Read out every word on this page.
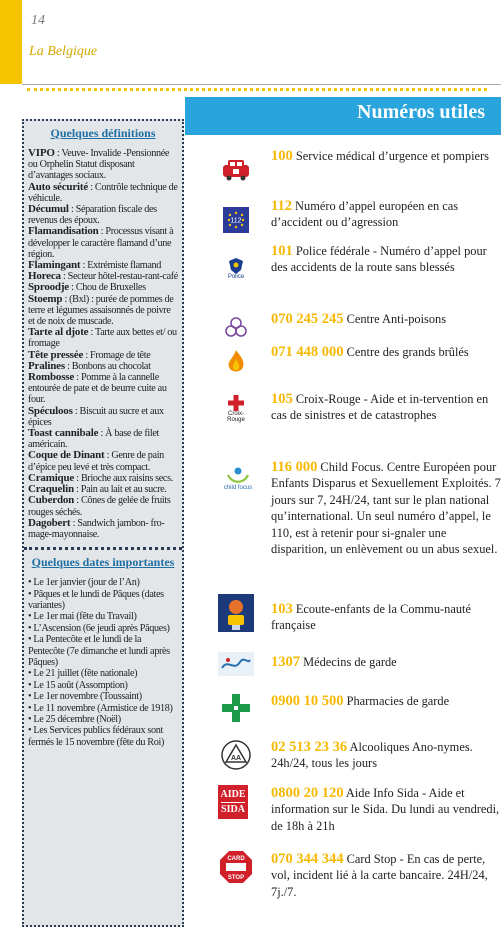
14
La Belgique
Numéros utiles
Quelques définitions

VIPO : Veuve- Invalide -Pensionnée ou Orphelin Statut disposant d’avantages sociaux.

Auto sécurité : Contrôle technique de véhicule.

Décumul : Séparation fiscale des revenus des époux.

Flamandisation : Processus visant à développer le caractère flamand d’une région.

Flamingant : Extrémiste flamand

Horeca : Secteur hôtel-restau-rant-café

Sproodje : Chou de Bruxelles

Stoemp : (Bxl) : purée de pommes de terre et légumes assaisonnés de poivre et de noix de muscade.

Tarte al djote : Tarte aux bettes et/ ou fromage

Tête pressée : Fromage de tête

Pralines : Bonbons au chocolat

Rombosse : Pomme à la cannelle entourée de pate et de beurre cuite au four.

Spéculoos : Biscuit au sucre et aux épices

Toast cannibale : À base de filet américain.

Coque de Dinant : Genre de pain d’épice peu levé et très compact.

Cramique : Brioche aux raisins secs.

Craquelin : Pain au lait et au sucre.

Cuberdon : Cônes de gelée de fruits rouges séchés.

Dagobert : Sandwich jambon- fro-mage-mayonnaise.

Quelques dates importantes

• Le 1er janvier (jour de l’An)

• Pâques et le lundi de Pâques (dates variantes)

• Le 1er mai (fête du Travail)

• L’Ascension (6e jeudi après Pâques)

• La Pentecôte et le lundi de la Pentecôte (7e dimanche et lundi après Pâques)

• Le 21 juillet (fête nationale)

• Le 15 août (Assomption)

• Le 1er novembre (Toussaint)

• Le 11 novembre (Armistice de 1918)

• Le 25 décembre (Noël)

• Les Services publics fédéraux sont fermés le 15 novembre (fête du Roi)

100 Service médical d’urgence et pompiers
112
112 Numéro d’appel européen en cas d’accident ou d’agression
Police
101 Police fédérale - Numéro d’appel pour des accidents de la route sans blessés
070 245 245 Centre Anti-poisons
071 448 000 Centre des grands brûlés
Croix-Rouge
105 Croix-Rouge - Aide et in-tervention en cas de sinistres et de catastrophes
child focus
116 000 Child Focus. Centre Européen pour Enfants Disparus et Sexuellement Exploités. 7 jours sur 7, 24H/24, tant sur le plan national qu’international. Un seul numéro d’appel, le 110, est à retenir pour si-gnaler une disparition, un enlèvement ou un abus sexuel.
103 Ecoute-enfants de la Commu-nauté française
1307 Médecins de garde
0900 10 500 Pharmacies de garde
AA
02 513 23 36 Alcooliques Ano-nymes. 24h/24, tous les jours
AIDE
SIDA
0800 20 120 Aide Info Sida - Aide et information sur le Sida. Du lundi au vendredi, de 18h à 21h
CARD
STOP
070 344 344 Card Stop - En cas de perte, vol, incident lié à la carte bancaire. 24H/24, 7j./7.
